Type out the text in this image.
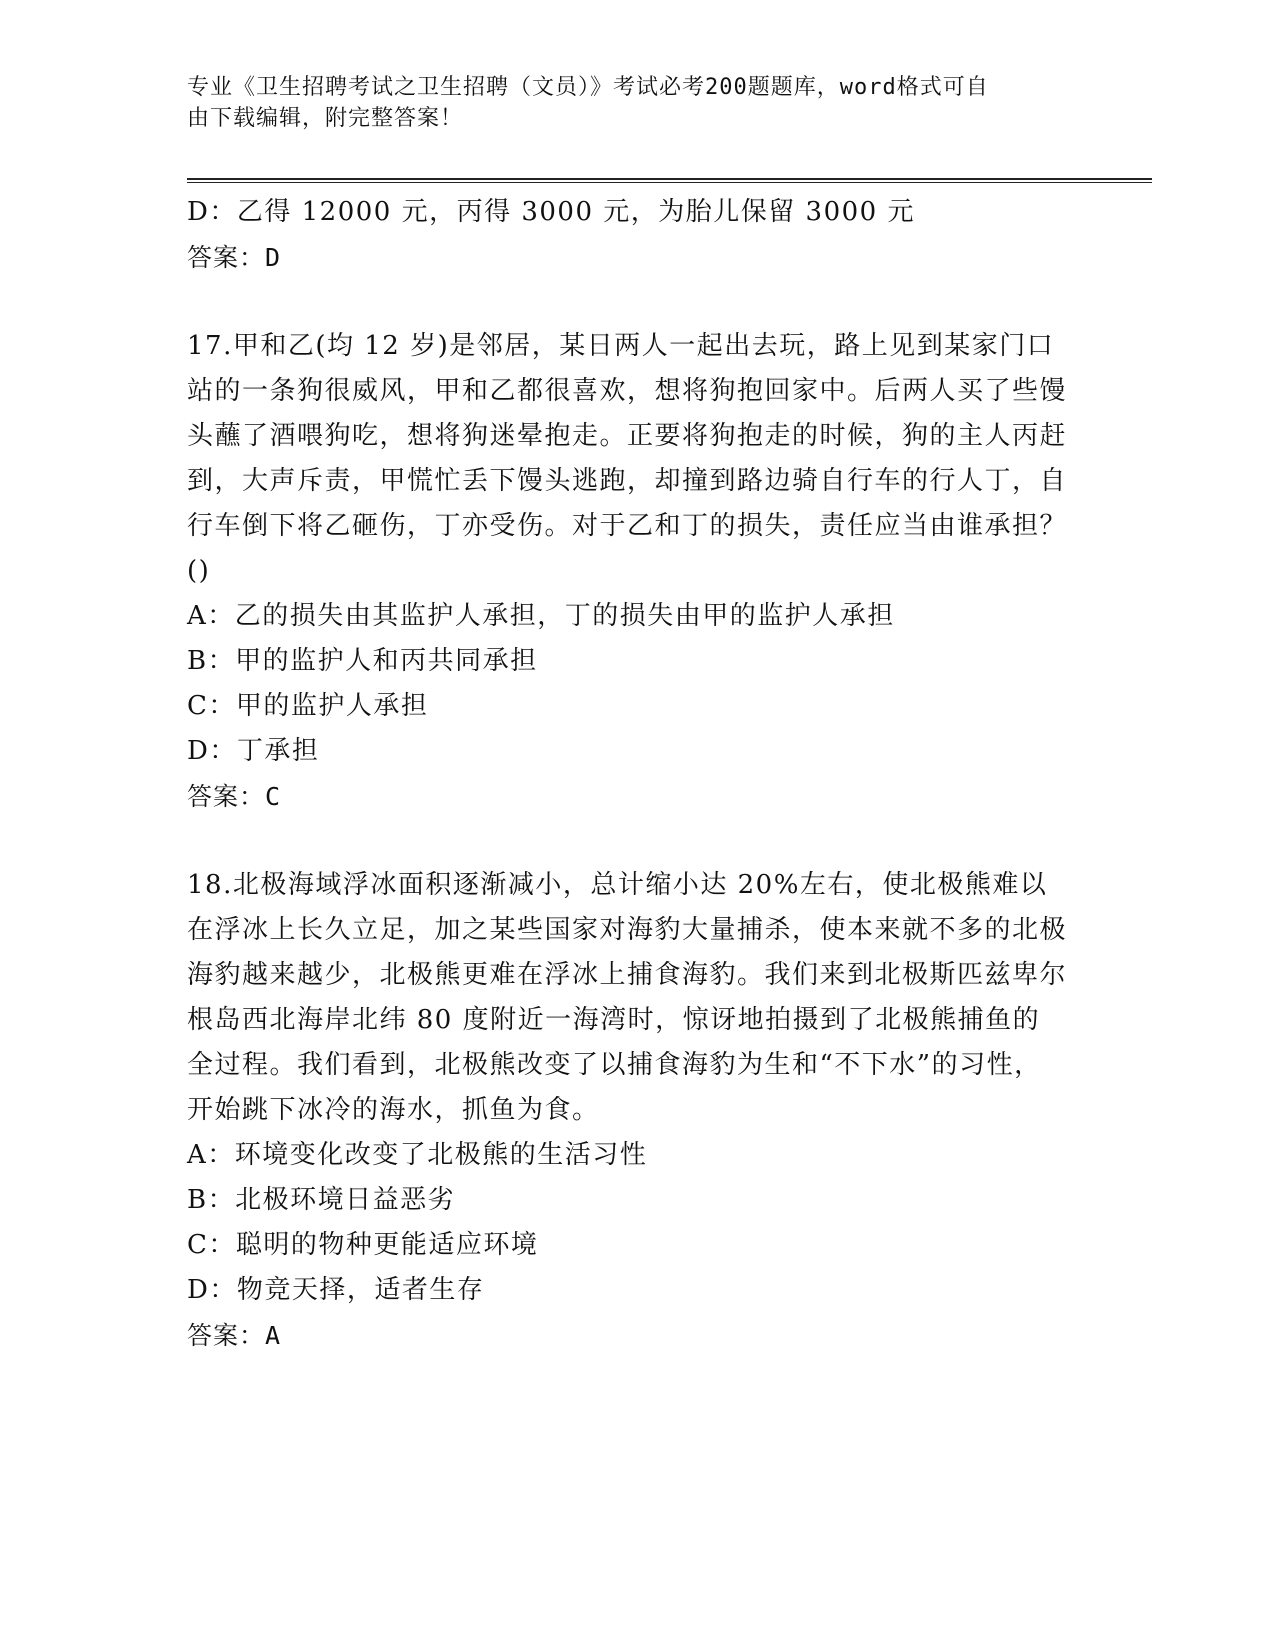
专业《卫生招聘考试之卫生招聘（文员）》考试必考200题题库，word格式可自
由下载编辑，附完整答案！
D：乙得 12000 元，丙得 3000 元，为胎儿保留 3000 元
答案：D
17.甲和乙(均 12 岁)是邻居，某日两人一起出去玩，路上见到某家门口站的一条狗很威风，甲和乙都很喜欢，想将狗抱回家中。后两人买了些馒头蘸了酒喂狗吃，想将狗迷晕抱走。正要将狗抱走的时候，狗的主人丙赶到，大声斥责，甲慌忙丢下馒头逃跑，却撞到路边骑自行车的行人丁，自行车倒下将乙砸伤，丁亦受伤。对于乙和丁的损失，责任应当由谁承担？()
A：乙的损失由其监护人承担，丁的损失由甲的监护人承担
B：甲的监护人和丙共同承担
C：甲的监护人承担
D：丁承担
答案：C
18.北极海域浮冰面积逐渐减小，总计缩小达 20%左右，使北极熊难以在浮冰上长久立足，加之某些国家对海豹大量捕杀，使本来就不多的北极海豹越来越少，北极熊更难在浮冰上捕食海豹。我们来到北极斯匹兹卑尔根岛西北海岸北纬 80 度附近一海湾时，惊讶地拍摄到了北极熊捕鱼的全过程。我们看到，北极熊改变了以捕食海豹为生和“不下水”的习性，开始跳下冰冷的海水，抓鱼为食。
A：环境变化改变了北极熊的生活习性
B：北极环境日益恶劣
C：聪明的物种更能适应环境
D：物竞天择，适者生存
答案：A
